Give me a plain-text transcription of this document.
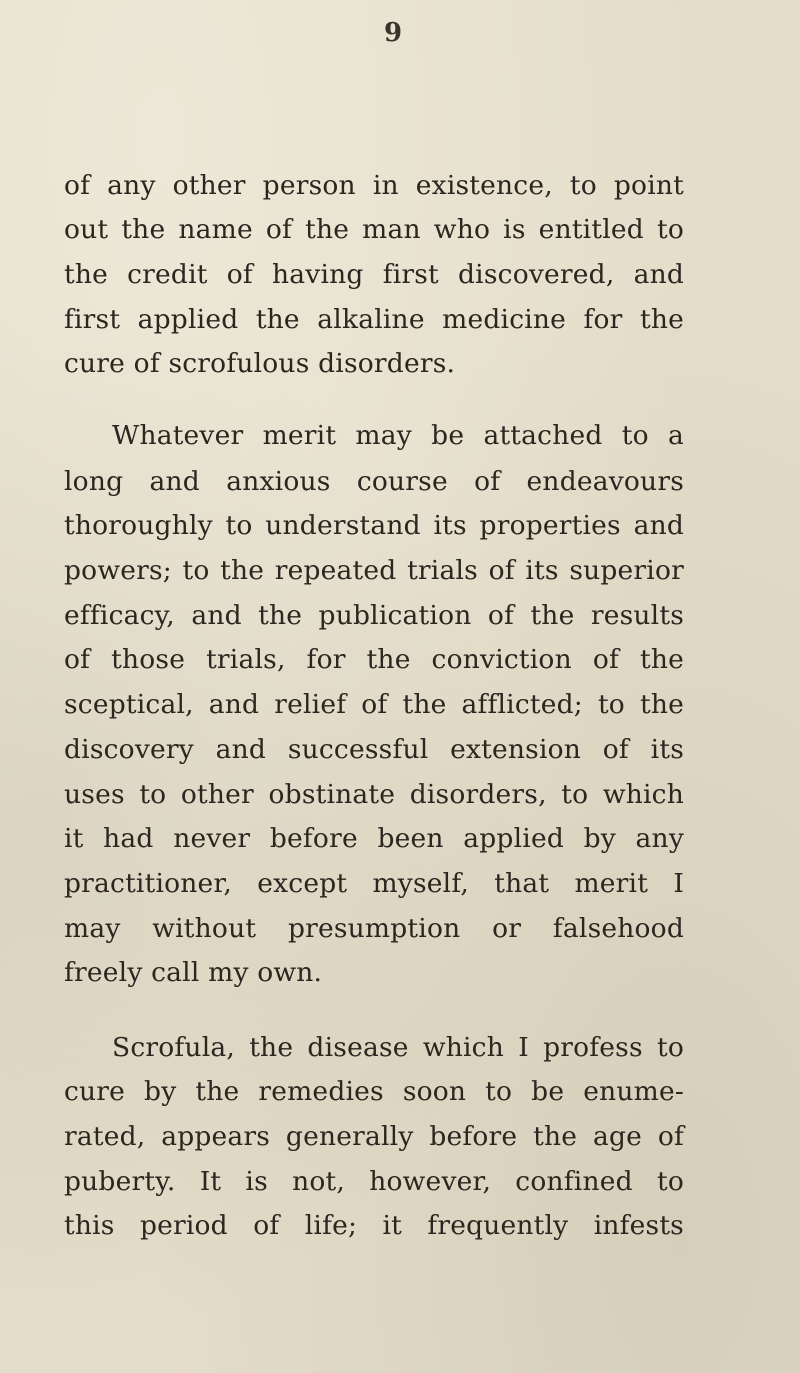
9
of any other person in existence, to point
out the name of the man who is entitled to
the credit of having first discovered, and
first applied the alkaline medicine for the
cure of scrofulous disorders.
Whatever merit may be attached to a
long and anxious course of endeavours
thoroughly to understand its properties and
powers; to the repeated trials of its superior
efficacy, and the publication of the results
of those trials, for the conviction of the
sceptical, and relief of the afflicted; to the
discovery and successful extension of its
uses to other obstinate disorders, to which
it had never before been applied by any
practitioner, except myself, that merit I
may without presumption or falsehood
freely call my own.
Scrofula, the disease which I profess to
cure by the remedies soon to be enume-
rated, appears generally before the age of
puberty. It is not, however, confined to
this period of life; it frequently infests
